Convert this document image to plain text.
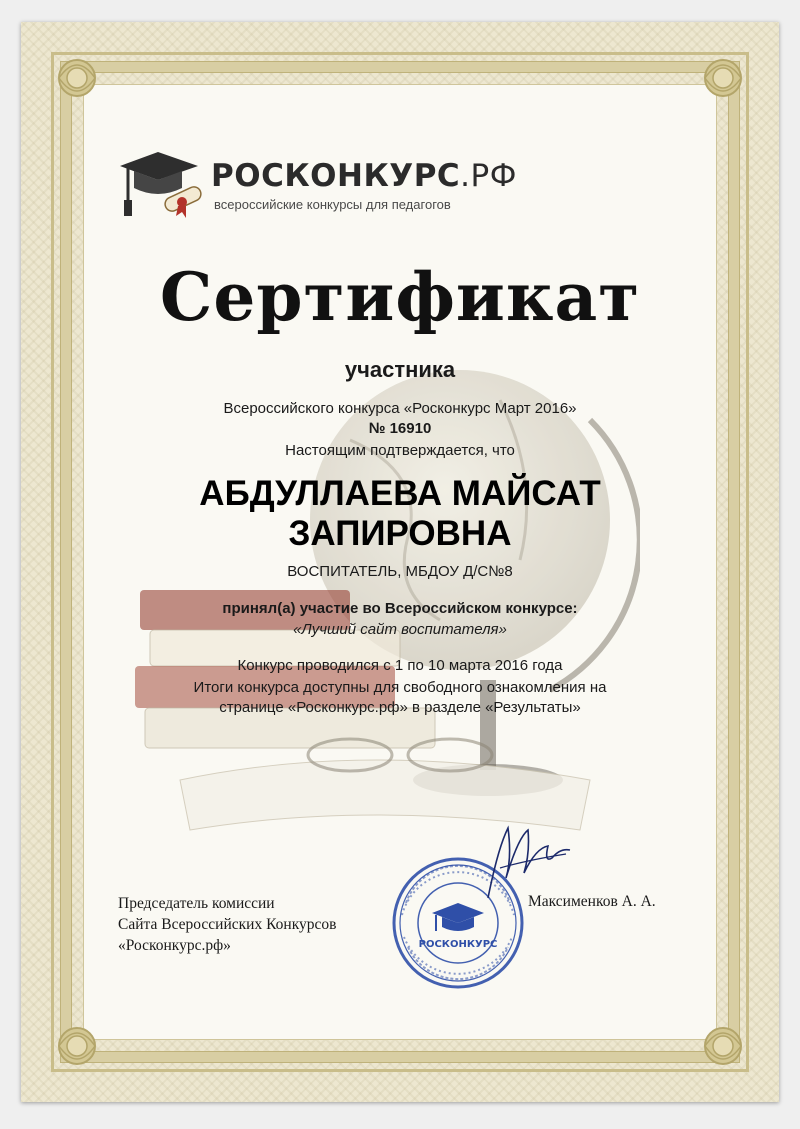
РОСКОНКУРС.РФ
всероссийские конкурсы для педагогов
Сертификат
участника
Всероссийского конкурса «Росконкурс Март 2016»
№ 16910
Настоящим подтверждается, что
АБДУЛЛАЕВА МАЙСАТ
ЗАПИРОВНА
ВОСПИТАТЕЛЬ, МБДОУ Д/С№8
принял(а) участие во Всероссийском конкурсе:
«Лучший сайт воспитателя»
Конкурс проводился с 1 по 10 марта 2016 года
Итоги конкурса доступны для свободного ознакомления на
странице «Росконкурс.рф» в разделе «Результаты»
Председатель комиссии
Сайта Всероссийских Конкурсов
«Росконкурс.рф»	РОСКОНКУРС
Максименков А. А.
